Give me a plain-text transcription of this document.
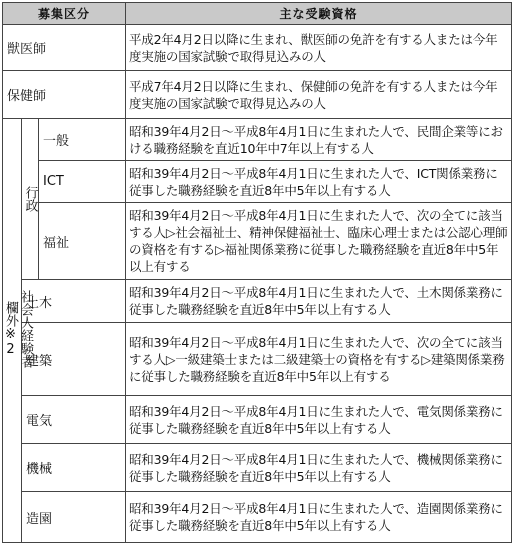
募集区分			主な受験資格
獣医師			平成2年4月2日以降に生まれ、獣医師の免許を有する人または今年度実施の国家試験で取得見込みの人
保健師			平成7年4月2日以降に生まれ、保健師の免許を有する人または今年度実施の国家試験で取得見込みの人
社会人経験者
欄外※2	行政	一般	昭和39年4月2日～平成8年4月1日に生まれた人で、民間企業等における職務経験を直近10年中7年以上有する人
		ICT	昭和39年4月2日～平成8年4月1日に生まれた人で、ICT関係業務に従事した職務経験を直近8年中5年以上有する人
		福祉	昭和39年4月2日～平成8年4月1日に生まれた人で、次の全てに該当する人▷社会福祉士、精神保健福祉士、臨床心理士または公認心理師の資格を有する▷福祉関係業務に従事した職務経験を直近8年中5年以上有する
	土木		昭和39年4月2日～平成8年4月1日に生まれた人で、土木関係業務に従事した職務経験を直近8年中5年以上有する人
	建築		昭和39年4月2日～平成8年4月1日に生まれた人で、次の全てに該当する人▷一級建築士または二級建築士の資格を有する▷建築関係業務に従事した職務経験を直近8年中5年以上有する
	電気		昭和39年4月2日～平成8年4月1日に生まれた人で、電気関係業務に従事した職務経験を直近8年中5年以上有する人
	機械		昭和39年4月2日～平成8年4月1日に生まれた人で、機械関係業務に従事した職務経験を直近8年中5年以上有する人
	造園		昭和39年4月2日～平成8年4月1日に生まれた人で、造園関係業務に従事した職務経験を直近8年中5年以上有する人
